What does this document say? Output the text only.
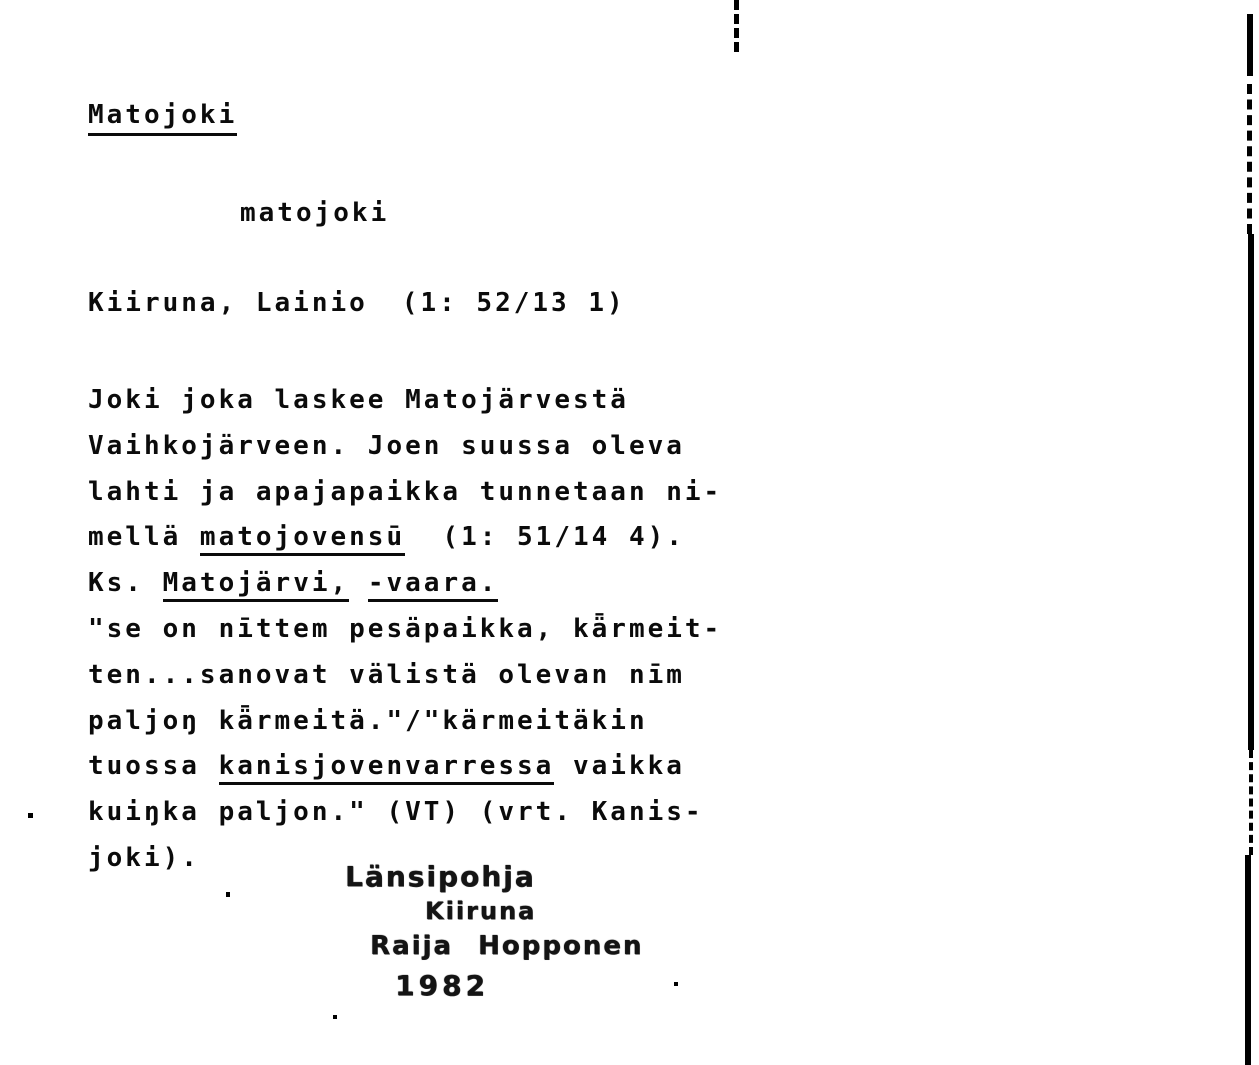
Matojoki
matojoki
Kiiruna, Lainio (1: 52/13 1)
Joki joka laskee Matojärvestä
Vaihkojärveen. Joen suussa oleva
lahti ja apajapaikka tunnetaan ni-
mellä matojovensū  (1: 51/14 4).
Ks. Matojärvi, -vaara.
"se on nīttem pesäpaikka, kǟrmeit-
ten...sanovat välistä olevan nīm
paljoŋ kǟrmeitä."/"kärmeitäkin
tuossa kanisjovenvarressa vaikka
kuiŋka paljon." (VT) (vrt. Kanis-
joki).
Länsipohja
Kiiruna
Raija Hopponen
1982
